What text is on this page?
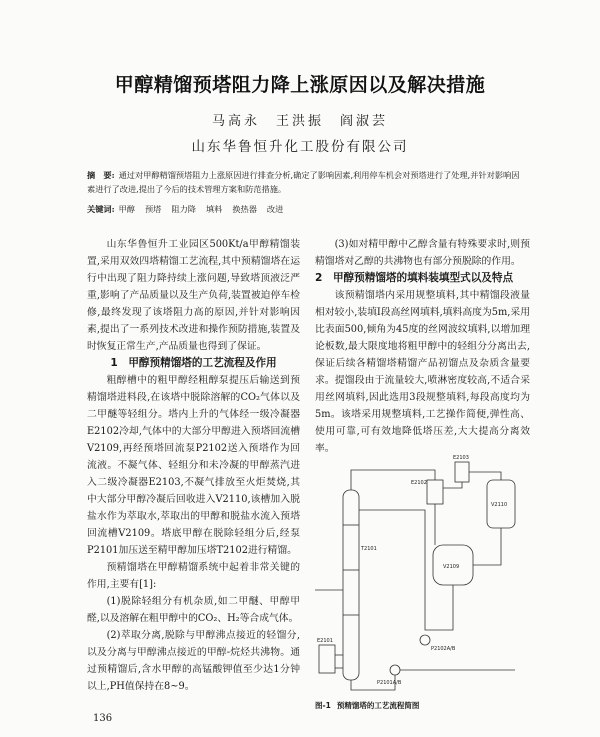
甲醇精馏预塔阻力降上涨原因以及解决措施
马高永　王洪振　阎淑芸
山东华鲁恒升化工股份有限公司
摘　要: 通过对甲醇精馏预塔阻力上涨原因进行排查分析,确定了影响因素,利用停车机会对预塔进行了处理,并针对影响因素进行了改进,提出了今后的技术管理方案和防范措施。
关键词: 甲醇 预塔 阻力降 填料 换热器 改进

山东华鲁恒升工业园区500Kt/a甲醇精馏装置,采用双效四塔精馏工艺流程,其中预精馏塔在运行中出现了阻力降持续上涨问题,导致塔顶液泛严重,影响了产品质量以及生产负荷,装置被迫停车检修,最终发现了该塔阻力高的原因,并针对影响因素,提出了一系列技术改进和操作预防措施,装置及时恢复正常生产,产品质量也得到了保证。

1　甲醇预精馏塔的工艺流程及作用

粗醇槽中的粗甲醇经粗醇泵提压后输送到预精馏塔进料段,在该塔中脱除溶解的CO₂气体以及二甲醚等轻组分。塔内上升的气体经一级冷凝器E2102冷却,气体中的大部分甲醇进入预塔回流槽V2109,再经预塔回流泵P2102送入预塔作为回流液。不凝气体、轻组分和未冷凝的甲醇蒸汽进入二级冷凝器E2103,不凝气排放至火炬焚烧,其中大部分甲醇冷凝后回收进入V2110,该槽加入脱盐水作为萃取水,萃取出的甲醇和脱盐水流入预塔回流槽V2109。塔底甲醇在脱除轻组分后,经泵P2101加压送至精甲醇加压塔T2102进行精馏。

预精馏塔在甲醇精馏系统中起着非常关键的作用,主要有[1]:

(1)脱除轻组分有机杂质,如二甲醚、甲醇甲醛,以及溶解在粗甲醇中的CO₂、H₂等合成气体。

(2)萃取分离,脱除与甲醇沸点接近的轻馏分,以及分离与甲醇沸点接近的甲醇-烷烃共沸物。通过预精馏后,含水甲醇的高锰酸钾值至少达1分钟以上,PH值保持在8~9。

(3)如对精甲醇中乙醇含量有特殊要求时,则预精馏塔对乙醇的共沸物也有部分预脱除的作用。

2　甲醇预精馏塔的填料装填型式以及特点

该预精馏塔内采用规整填料,其中精馏段液量相对较小,装填I段高丝网填料,填料高度为5m,采用比表面500,倾角为45度的丝网波纹填料,以增加理论板数,最大限度地将粗甲醇中的轻组分分离出去,保证后续各精馏塔精馏产品初馏点及杂质含量要求。提馏段由于流量较大,喷淋密度较高,不适合采用丝网填料,因此选用3段规整填料,每段高度均为5m。该塔采用规整填料,工艺操作简便,弹性高、使用可靠,可有效地降低塔压差,大大提高分离效率。

E2102
E2103
V2110
V2109
T2101
P2101A/B
P2102A/B
E2101
图-1 预精馏塔的工艺流程简图
136
